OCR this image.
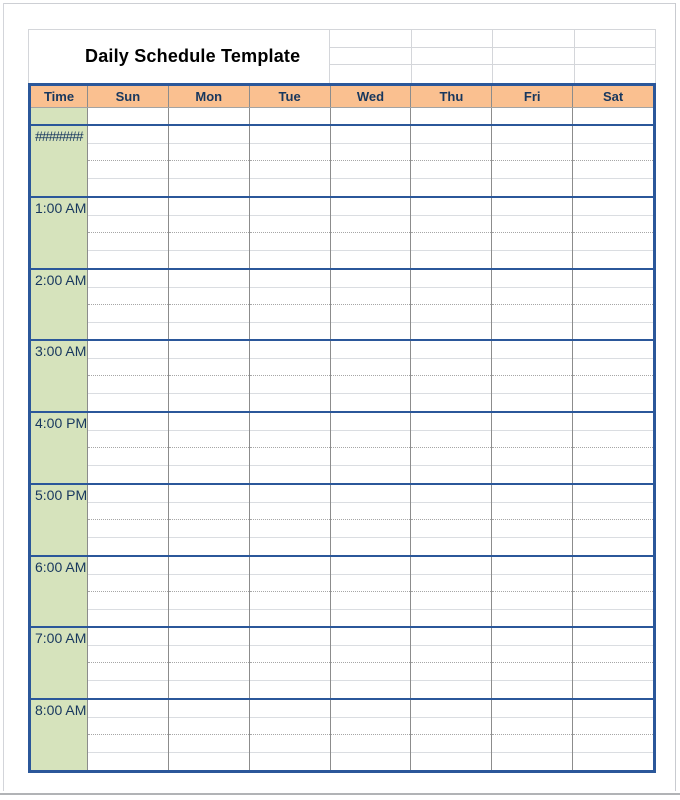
Daily Schedule Template
Time	Sun	Mon	Tue	Wed	Thu	Fri	Sat
#######
1:00 AM
2:00 AM
3:00 AM
4:00 PM
5:00 PM
6:00 AM
7:00 AM
8:00 AM
